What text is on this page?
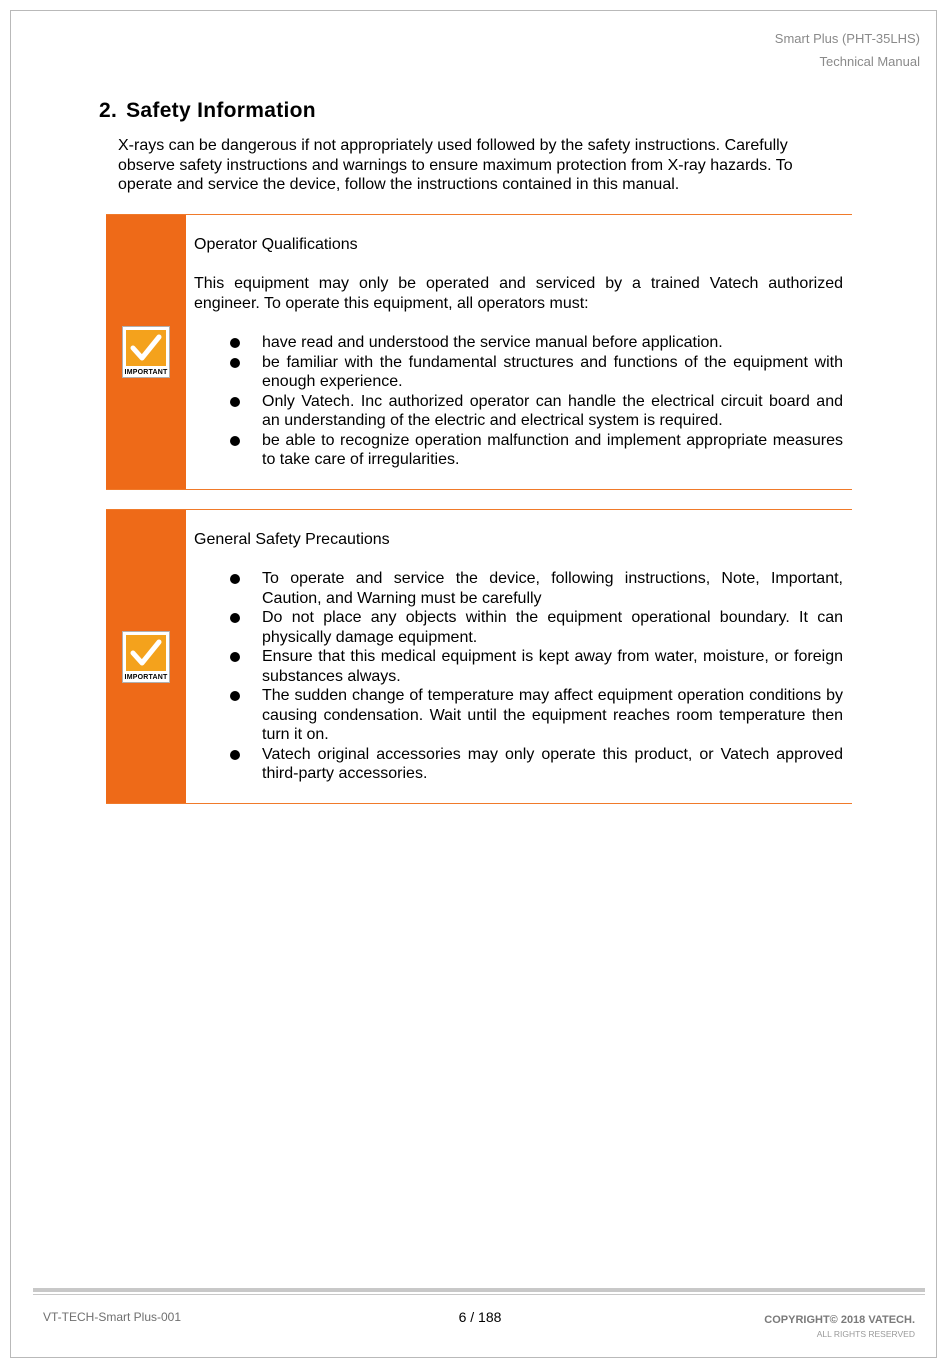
Smart Plus (PHT-35LHS)
Technical Manual
2. Safety Information
X-rays can be dangerous if not appropriately used followed by the safety instructions. Carefully observe safety instructions and warnings to ensure maximum protection from X-ray hazards. To operate and service the device, follow the instructions contained in this manual.
IMPORTANT
Operator Qualifications
This equipment may only be operated and serviced by a trained Vatech authorized engineer. To operate this equipment, all operators must:
have read and understood the service manual before application.
be familiar with the fundamental structures and functions of the equipment with enough experience.
Only Vatech. Inc authorized operator can handle the electrical circuit board and an understanding of the electric and electrical system is required.
be able to recognize operation malfunction and implement appropriate measures to take care of irregularities.
IMPORTANT
General Safety Precautions
To operate and service the device, following instructions, Note, Important, Caution, and Warning must be carefully
Do not place any objects within the equipment operational boundary. It can physically damage equipment.
Ensure that this medical equipment is kept away from water, moisture, or foreign substances always.
The sudden change of temperature may affect equipment operation conditions by causing condensation. Wait until the equipment reaches room temperature then turn it on.
Vatech original accessories may only operate this product, or Vatech approved third-party accessories.
VT-TECH-Smart Plus-001	6 / 188	COPYRIGHT© 2018 VATECH.
ALL RIGHTS RESERVED
